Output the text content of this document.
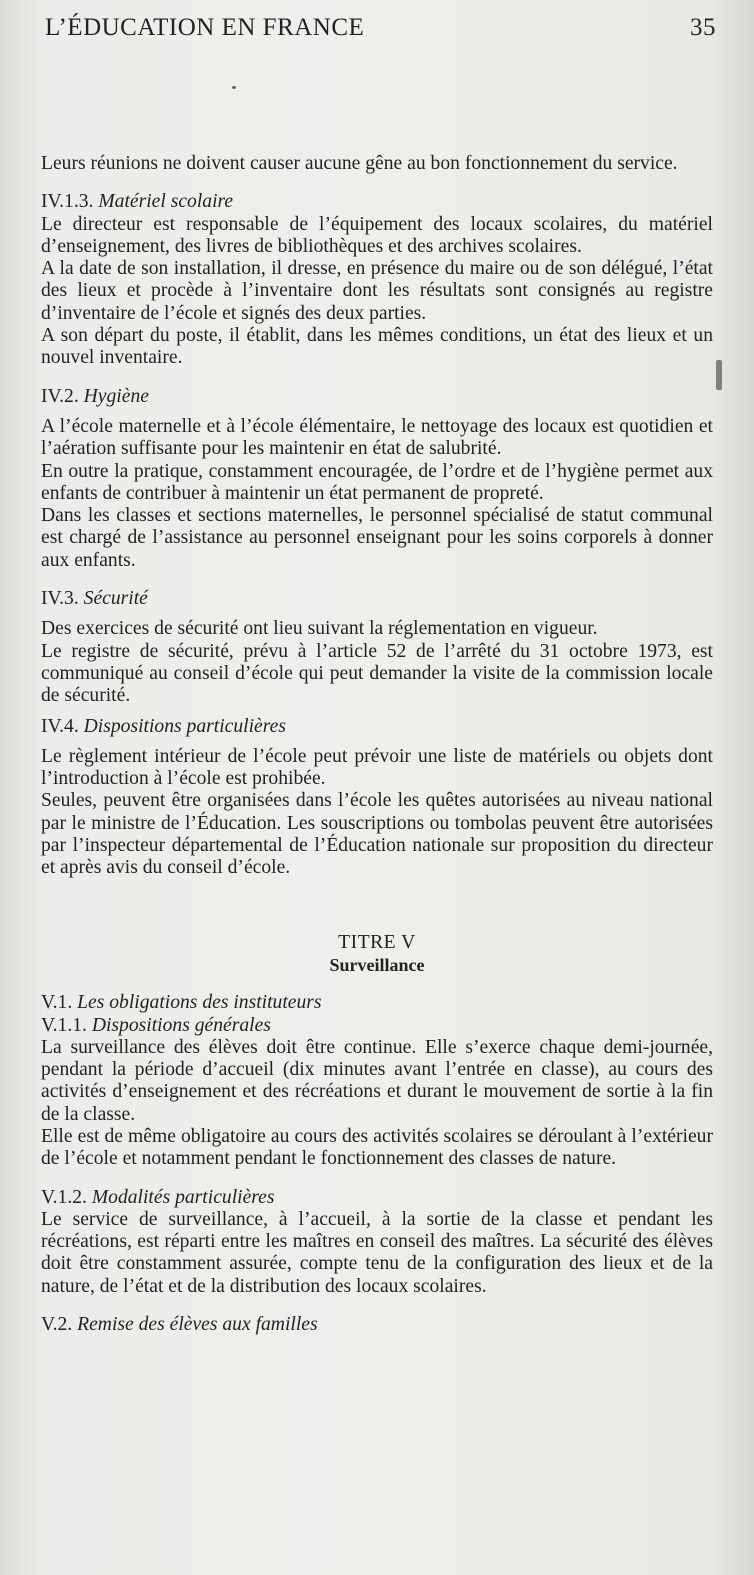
L’ÉDUCATION EN FRANCE	35

Leurs réunions ne doivent causer aucune gêne au bon fonctionnement du service.

IV.1.3. Matériel scolaire

Le directeur est responsable de l’équipement des locaux scolaires, du matériel d’enseignement, des livres de bibliothèques et des archives scolaires.

A la date de son installation, il dresse, en présence du maire ou de son délégué, l’état des lieux et procède à l’inventaire dont les résultats sont consignés au registre d’inventaire de l’école et signés des deux parties.

A son départ du poste, il établit, dans les mêmes conditions, un état des lieux et un nouvel inventaire.

IV.2. Hygiène

A l’école maternelle et à l’école élémentaire, le nettoyage des locaux est quotidien et l’aération suffisante pour les maintenir en état de salubrité.

En outre la pratique, constamment encouragée, de l’ordre et de l’hygiène permet aux enfants de contribuer à maintenir un état permanent de propreté.

Dans les classes et sections maternelles, le personnel spécialisé de statut communal est chargé de l’assistance au personnel enseignant pour les soins corporels à donner aux enfants.

IV.3. Sécurité

Des exercices de sécurité ont lieu suivant la réglementation en vigueur.

Le registre de sécurité, prévu à l’article 52 de l’arrêté du 31 octobre 1973, est communiqué au conseil d’école qui peut demander la visite de la commission locale de sécurité.

IV.4. Dispositions particulières

Le règlement intérieur de l’école peut prévoir une liste de matériels ou objets dont l’introduction à l’école est prohibée.

Seules, peuvent être organisées dans l’école les quêtes autorisées au niveau national par le ministre de l’Éducation. Les souscriptions ou tombolas peuvent être autorisées par l’inspecteur départemental de l’Éducation nationale sur proposition du directeur et après avis du conseil d’école.

TITRE V

Surveillance

V.1. Les obligations des instituteurs

V.1.1. Dispositions générales

La surveillance des élèves doit être continue. Elle s’exerce chaque demi-journée, pendant la période d’accueil (dix minutes avant l’entrée en classe), au cours des activités d’enseignement et des récréations et durant le mouvement de sortie à la fin de la classe.

Elle est de même obligatoire au cours des activités scolaires se déroulant à l’extérieur de l’école et notamment pendant le fonctionnement des classes de nature.

V.1.2. Modalités particulières

Le service de surveillance, à l’accueil, à la sortie de la classe et pendant les récréations, est réparti entre les maîtres en conseil des maîtres. La sécurité des élèves doit être constamment assurée, compte tenu de la configuration des lieux et de la nature, de l’état et de la distribution des locaux scolaires.

V.2. Remise des élèves aux familles
